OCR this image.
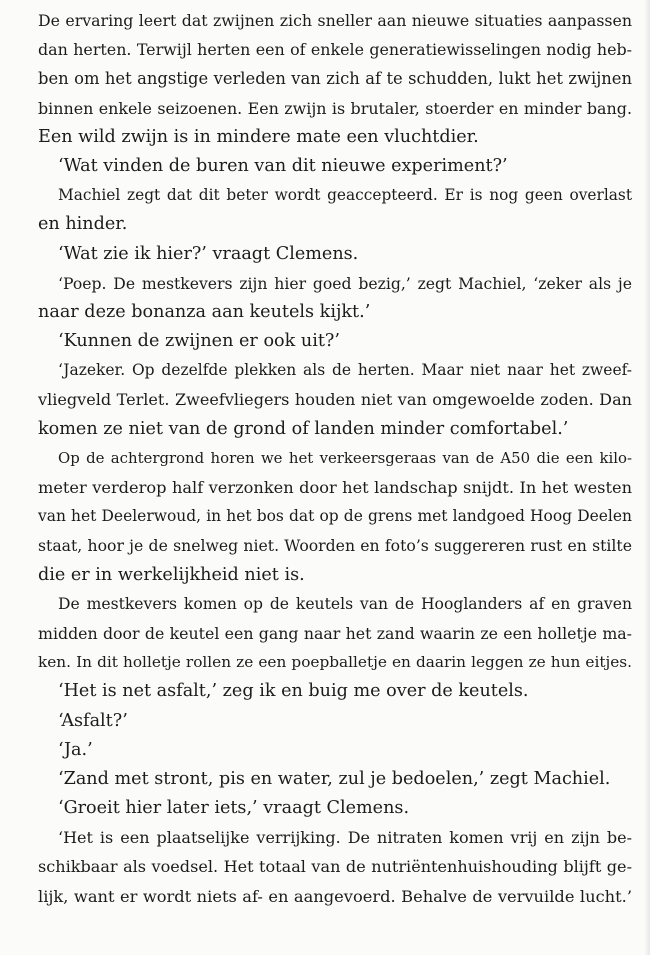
De ervaring leert dat zwijnen zich sneller aan nieuwe situaties aanpassen
dan herten. Terwijl herten een of enkele generatiewisselingen nodig heb-
ben om het angstige verleden van zich af te schudden, lukt het zwijnen
binnen enkele seizoenen. Een zwijn is brutaler, stoerder en minder bang.
Een wild zwijn is in mindere mate een vluchtdier.
‘Wat vinden de buren van dit nieuwe experiment?’
Machiel zegt dat dit beter wordt geaccepteerd. Er is nog geen overlast
en hinder.
‘Wat zie ik hier?’ vraagt Clemens.
‘Poep. De mestkevers zijn hier goed bezig,’ zegt Machiel, ‘zeker als je
naar deze bonanza aan keutels kijkt.’
‘Kunnen de zwijnen er ook uit?’
‘Jazeker. Op dezelfde plekken als de herten. Maar niet naar het zweef-
vliegveld Terlet. Zweefvliegers houden niet van omgewoelde zoden. Dan
komen ze niet van de grond of landen minder comfortabel.’
Op de achtergrond horen we het verkeersgeraas van de A50 die een kilo-
meter verderop half verzonken door het landschap snijdt. In het westen
van het Deelerwoud, in het bos dat op de grens met landgoed Hoog Deelen
staat, hoor je de snelweg niet. Woorden en foto’s suggereren rust en stilte
die er in werkelijkheid niet is.
De mestkevers komen op de keutels van de Hooglanders af en graven
midden door de keutel een gang naar het zand waarin ze een holletje ma-
ken. In dit holletje rollen ze een poepballetje en daarin leggen ze hun eitjes.
‘Het is net asfalt,’ zeg ik en buig me over de keutels.
‘Asfalt?’
‘Ja.’
‘Zand met stront, pis en water, zul je bedoelen,’ zegt Machiel.
‘Groeit hier later iets,’ vraagt Clemens.
‘Het is een plaatselijke verrijking. De nitraten komen vrij en zijn be-
schikbaar als voedsel. Het totaal van de nutriëntenhuishouding blijft ge-
lijk, want er wordt niets af- en aangevoerd. Behalve de vervuilde lucht.’
